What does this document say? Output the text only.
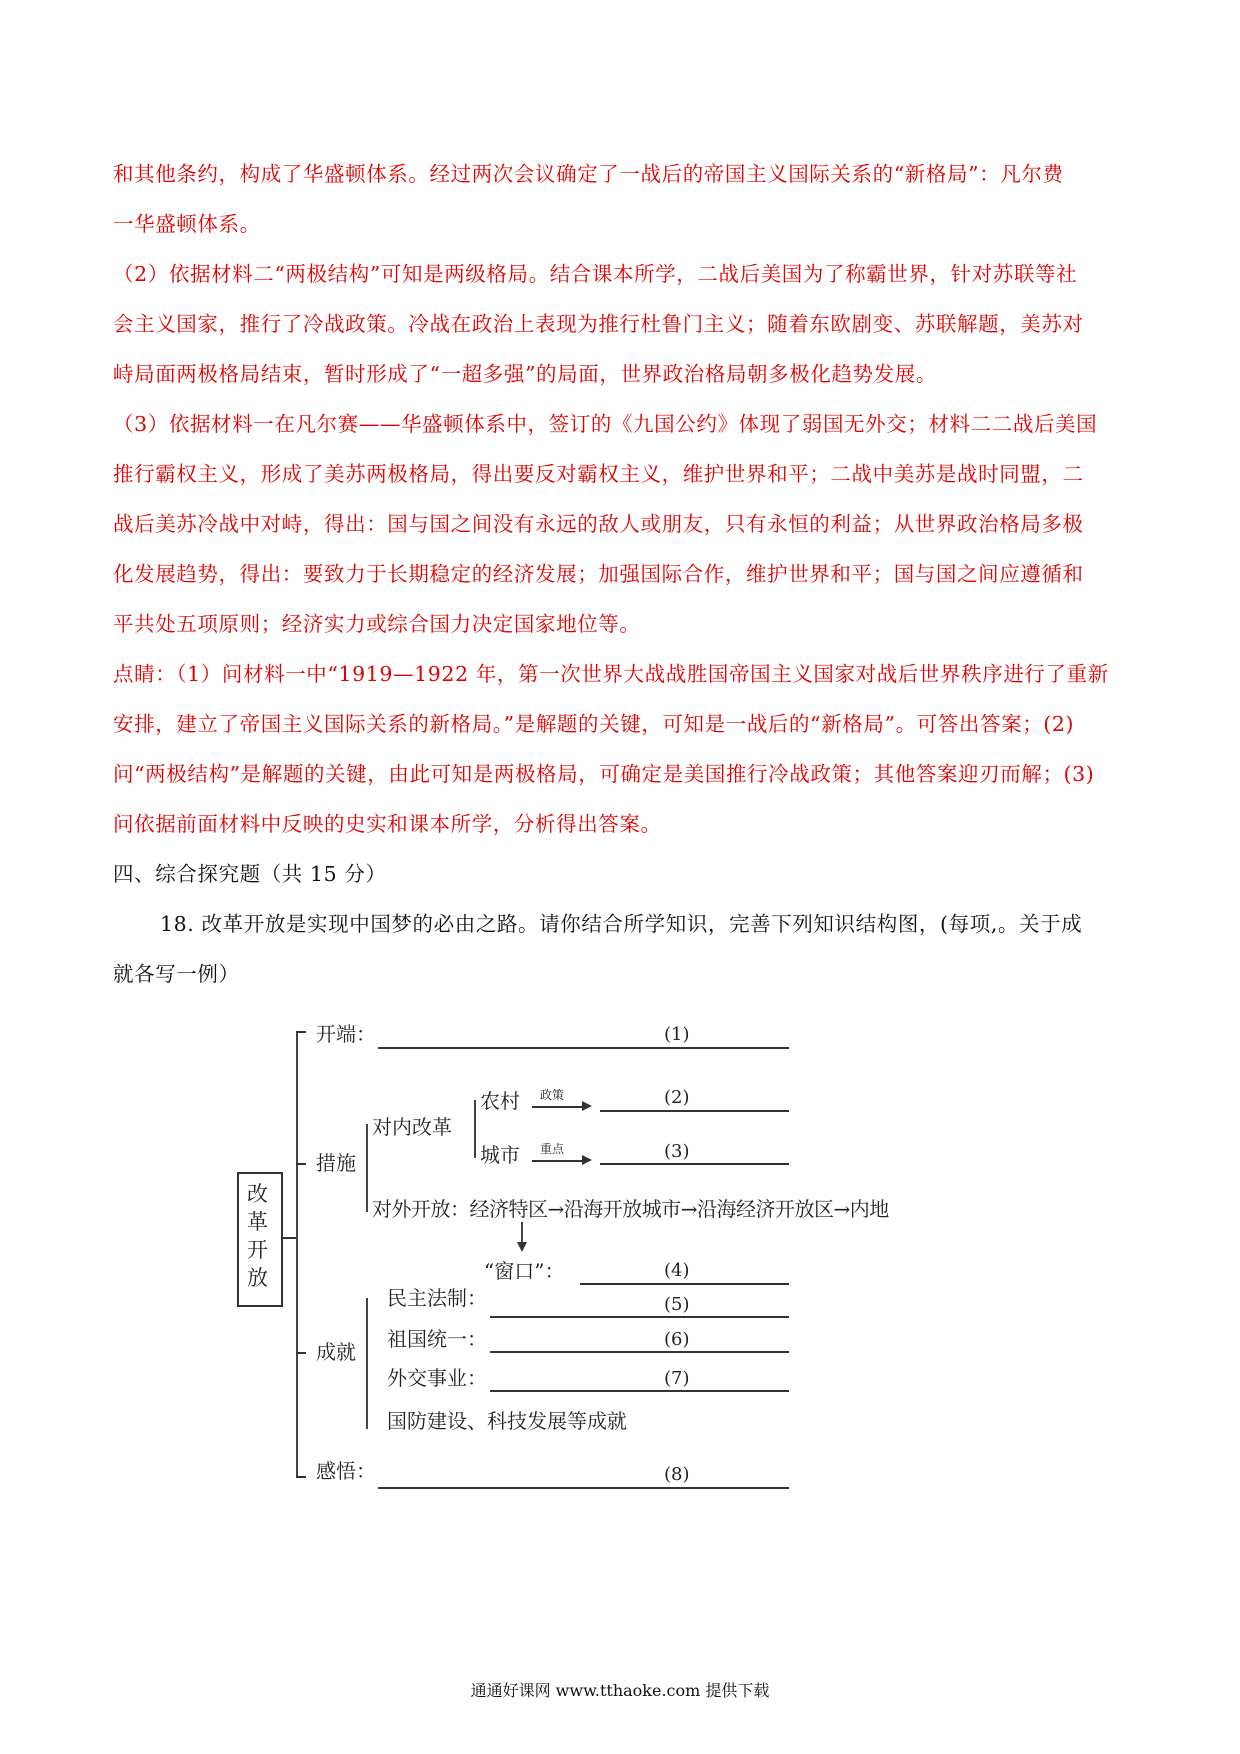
和其他条约，构成了华盛顿体系。经过两次会议确定了一战后的帝国主义国际关系的“新格局”：凡尔费
一华盛顿体系。
（2）依据材料二“两极结构”可知是两级格局。结合课本所学，二战后美国为了称霸世界，针对苏联等社
会主义国家，推行了冷战政策。冷战在政治上表现为推行杜鲁门主义；随着东欧剧变、苏联解题，美苏对
峙局面两极格局结束，暂时形成了“一超多强”的局面，世界政治格局朝多极化趋势发展。
（3）依据材料一在凡尔赛——华盛顿体系中，签订的《九国公约》体现了弱国无外交；材料二二战后美国
推行霸权主义，形成了美苏两极格局，得出要反对霸权主义，维护世界和平；二战中美苏是战时同盟，二
战后美苏冷战中对峙，得出：国与国之间没有永远的敌人或朋友，只有永恒的利益；从世界政治格局多极
化发展趋势，得出：要致力于长期稳定的经济发展；加强国际合作，维护世界和平；国与国之间应遵循和
平共处五项原则；经济实力或综合国力决定国家地位等。
点睛：（1）问材料一中“1919—1922 年，第一次世界大战战胜国帝国主义国家对战后世界秩序进行了重新
安排，建立了帝国主义国际关系的新格局。”是解题的关键，可知是一战后的“新格局”。可答出答案；(2)
问“两极结构”是解题的关键，由此可知是两极格局，可确定是美国推行冷战政策；其他答案迎刃而解；(3)
问依据前面材料中反映的史实和课本所学，分析得出答案。
四、综合探究题（共 15 分）
18. 改革开放是实现中国梦的必由之路。请你结合所学知识，完善下列知识结构图，(每项,。关于成
就各写一例）
改革开放
开端：	(1)
措施
对内改革
农村 政策	(2)
城市 重点	(3)
对外开放：经济特区→沿海开放城市→沿海经济开放区→内地
“窗口”：	(4)
成就
民主法制：	(5)
祖国统一：	(6)
外交事业：	(7)
国防建设、科技发展等成就
感悟：	(8)
通通好课网 www.tthaoke.com 提供下载
